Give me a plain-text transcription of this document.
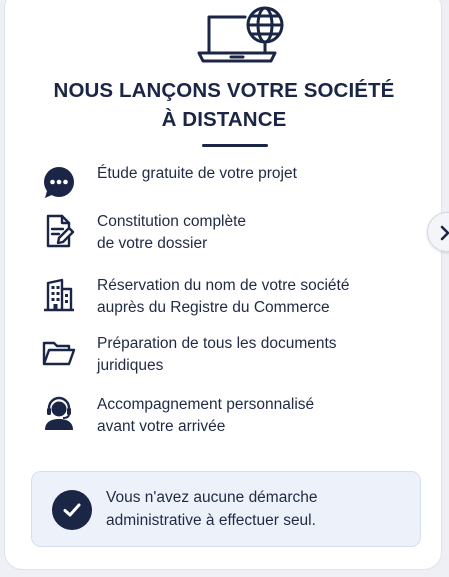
NOUS LANÇONS VOTRE SOCIÉTÉ
À DISTANCE
Étude gratuite de votre projet
Constitution complète
de votre dossier
Réservation du nom de votre société
auprès du Registre du Commerce
Préparation de tous les documents
juridiques
Accompagnement personnalisé
avant votre arrivée
Vous n'avez aucune démarche
administrative à effectuer seul.
